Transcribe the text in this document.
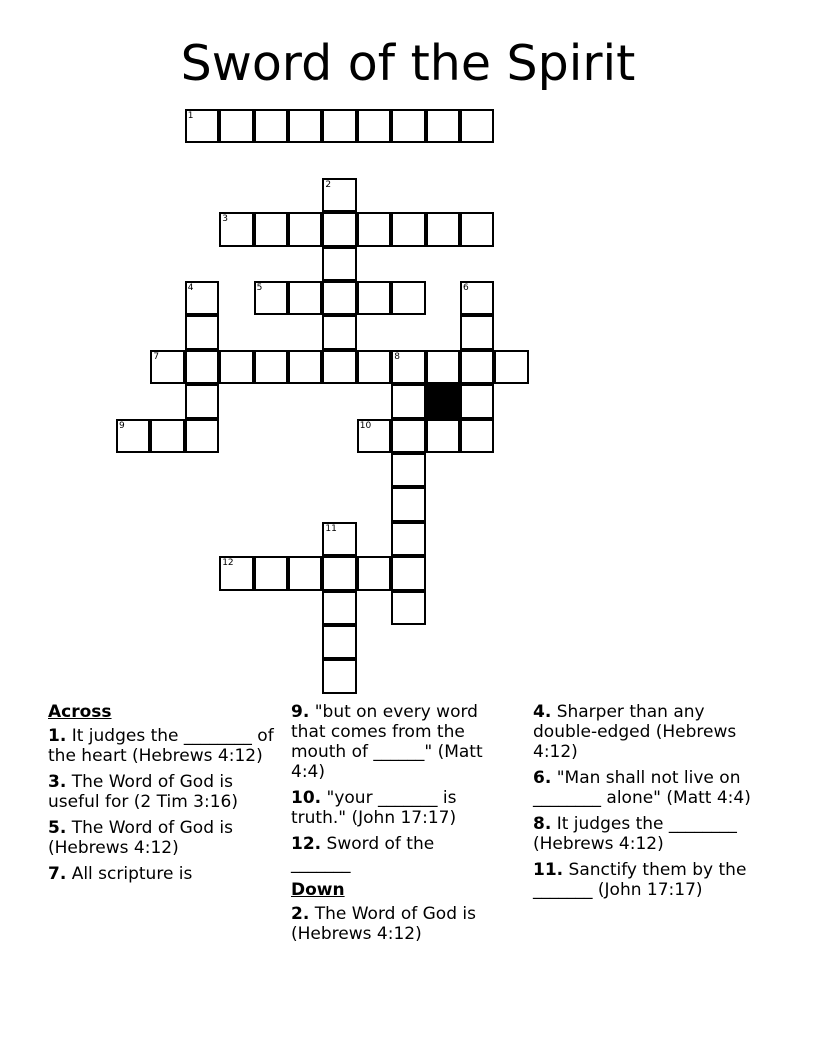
Sword of the Spirit
1
2
3
4	5	6
7	8
9	10
11
12
Across
1. It judges the ________ of the heart (Hebrews 4:12)
3. The Word of God is useful for (2 Tim 3:16)
5. The Word of God is (Hebrews 4:12)
7. All scripture is
9. "but on every word that comes from the mouth of ______" (Matt 4:4)
10. "your _______ is truth." (John 17:17)
12. Sword of the _______
Down
2. The Word of God is (Hebrews 4:12)
4. Sharper than any double-edged (Hebrews 4:12)
6. "Man shall not live on ________ alone" (Matt 4:4)
8. It judges the ________ (Hebrews 4:12)
11. Sanctify them by the _______ (John 17:17)
